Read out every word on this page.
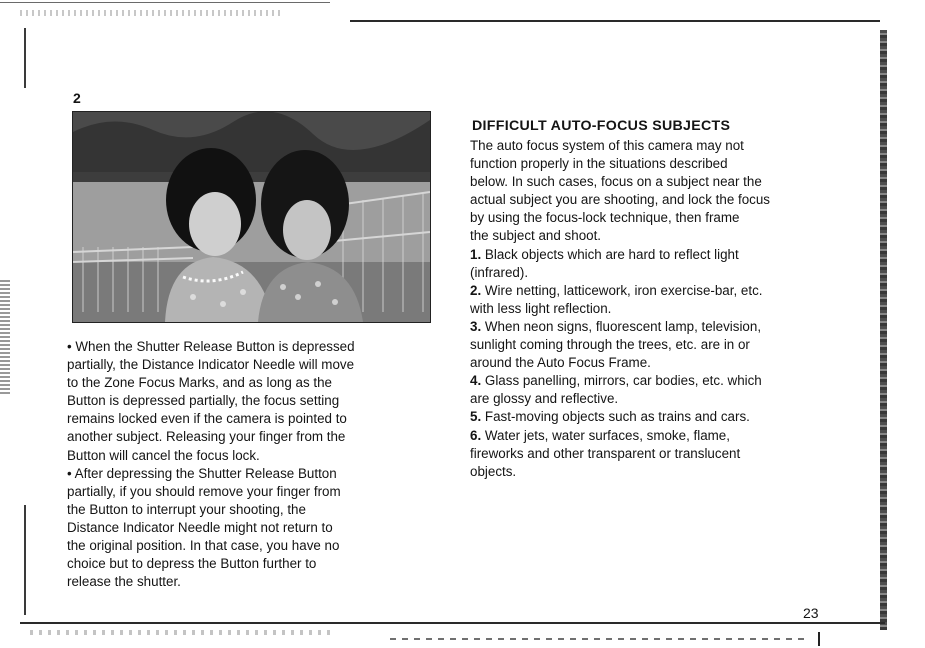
2

• When the Shutter Release Button is depressed
partially, the Distance Indicator Needle will move
to the Zone Focus Marks, and as long as the
Button is depressed partially, the focus setting
remains locked even if the camera is pointed to
another subject. Releasing your finger from the
Button will cancel the focus lock.

• After depressing the Shutter Release Button
partially, if you should remove your finger from
the Button to interrupt your shooting, the
Distance Indicator Needle might not return to
the original position. In that case, you have no
choice but to depress the Button further to
release the shutter.

DIFFICULT AUTO-FOCUS SUBJECTS

The auto focus system of this camera may not
function properly in the situations described
below. In such cases, focus on a subject near the
actual subject you are shooting, and lock the focus
by using the focus-lock technique, then frame
the subject and shoot.

1. Black objects which are hard to reflect light
(infrared).

2. Wire netting, latticework, iron exercise-bar, etc.
with less light reflection.

3. When neon signs, fluorescent lamp, television,
sunlight coming through the trees, etc. are in or
around the Auto Focus Frame.

4. Glass panelling, mirrors, car bodies, etc. which
are glossy and reflective.

5. Fast-moving objects such as trains and cars.

6. Water jets, water surfaces, smoke, flame,
fireworks and other transparent or translucent
objects.

23
